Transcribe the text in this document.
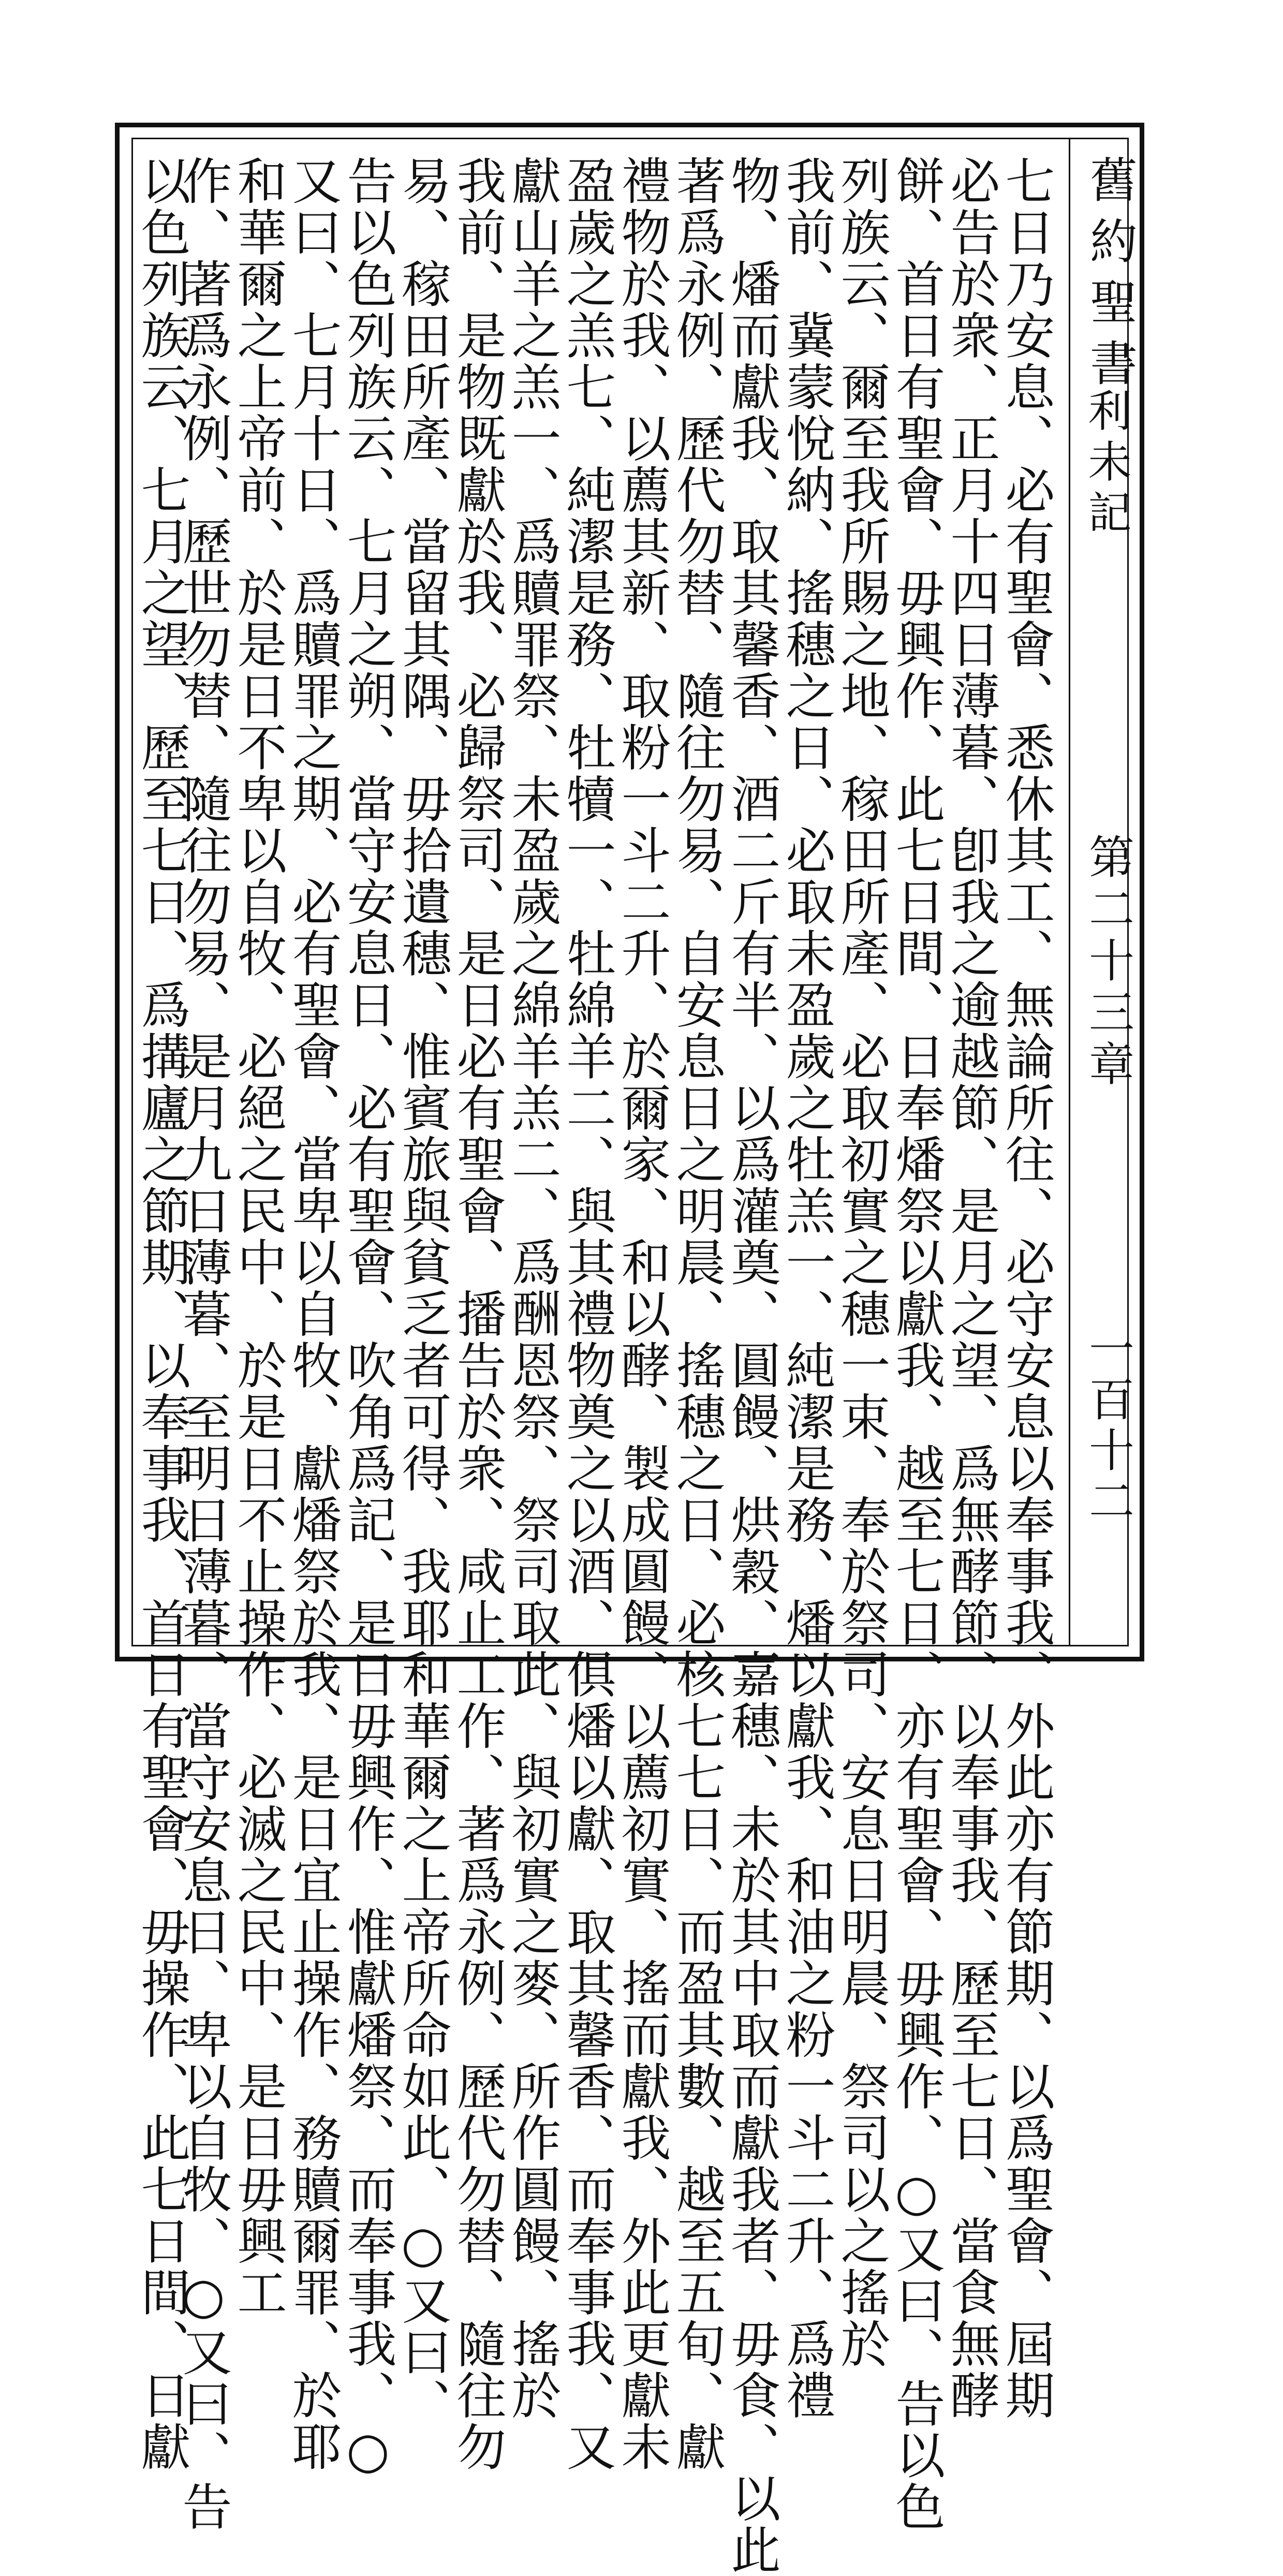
舊約聖書
利未記
第二十三章
一百十二
七日乃安息、必有聖會、悉休其工、無論所往、必守安息以奉事我、外此亦有節期、以爲聖會、屆期
必告於衆、正月十四日薄暮、卽我之逾越節、是月之望、爲無酵節、以奉事我、歷至七日、當食無酵
餅、首日有聖會、毋興作、此七日間、日奉燔祭以獻我、越至七日、亦有聖會、毋興作、○又曰、告以色
列族云、爾至我所賜之地、稼田所產、必取初實之穗一束、奉於祭司、安息日明晨、祭司以之搖於
我前、冀蒙悅納、搖穗之日、必取未盈歲之牡羔一、純潔是務、燔以獻我、和油之粉一斗二升、爲禮
物、燔而獻我、取其馨香、酒二斤有半、以爲灌奠、圓饅、烘穀、嘉穗、未於其中取而獻我者、毋食、以此
著爲永例、歷代勿替、隨往勿易、自安息日之明晨、搖穗之日、必核七七日、而盈其數、越至五旬、獻
禮物於我、以薦其新、取粉一斗二升、於爾家、和以酵、製成圓饅、以薦初實、搖而獻我、外此更獻未
盈歲之羔七、純潔是務、牡犢一、牡綿羊二、與其禮物奠之以酒、俱燔以獻、取其馨香、而奉事我、又
獻山羊之羔一、爲贖罪祭、未盈歲之綿羊羔二、爲酬恩祭、祭司取此、與初實之麥、所作圓饅、搖於
我前、是物既獻於我、必歸祭司、是日必有聖會、播告於衆、咸止工作、著爲永例、歷代勿替、隨往勿
易、稼田所產、當留其隅、毋拾遺穗、惟賓旅與貧乏者可得、我耶和華爾之上帝所命如此、○又曰、
告以色列族云、七月之朔、當守安息日、必有聖會、吹角爲記、是日毋興作、惟獻燔祭、而奉事我、○
又曰、七月十日、爲贖罪之期、必有聖會、當卑以自牧、獻燔祭於我、是日宜止操作、務贖爾罪、於耶
和華爾之上帝前、於是日不卑以自牧、必絕之民中、於是日不止操作、必滅之民中、是日毋興工
作、著爲永例、歷世勿替、隨往勿易、是月九日薄暮、至明日薄暮、當守安息日、卑以自牧、○又曰、告
以色列族云、七月之望、歷至七日、爲搆廬之節期、以奉事我、首日有聖會、毋操作、此七日間、日獻
